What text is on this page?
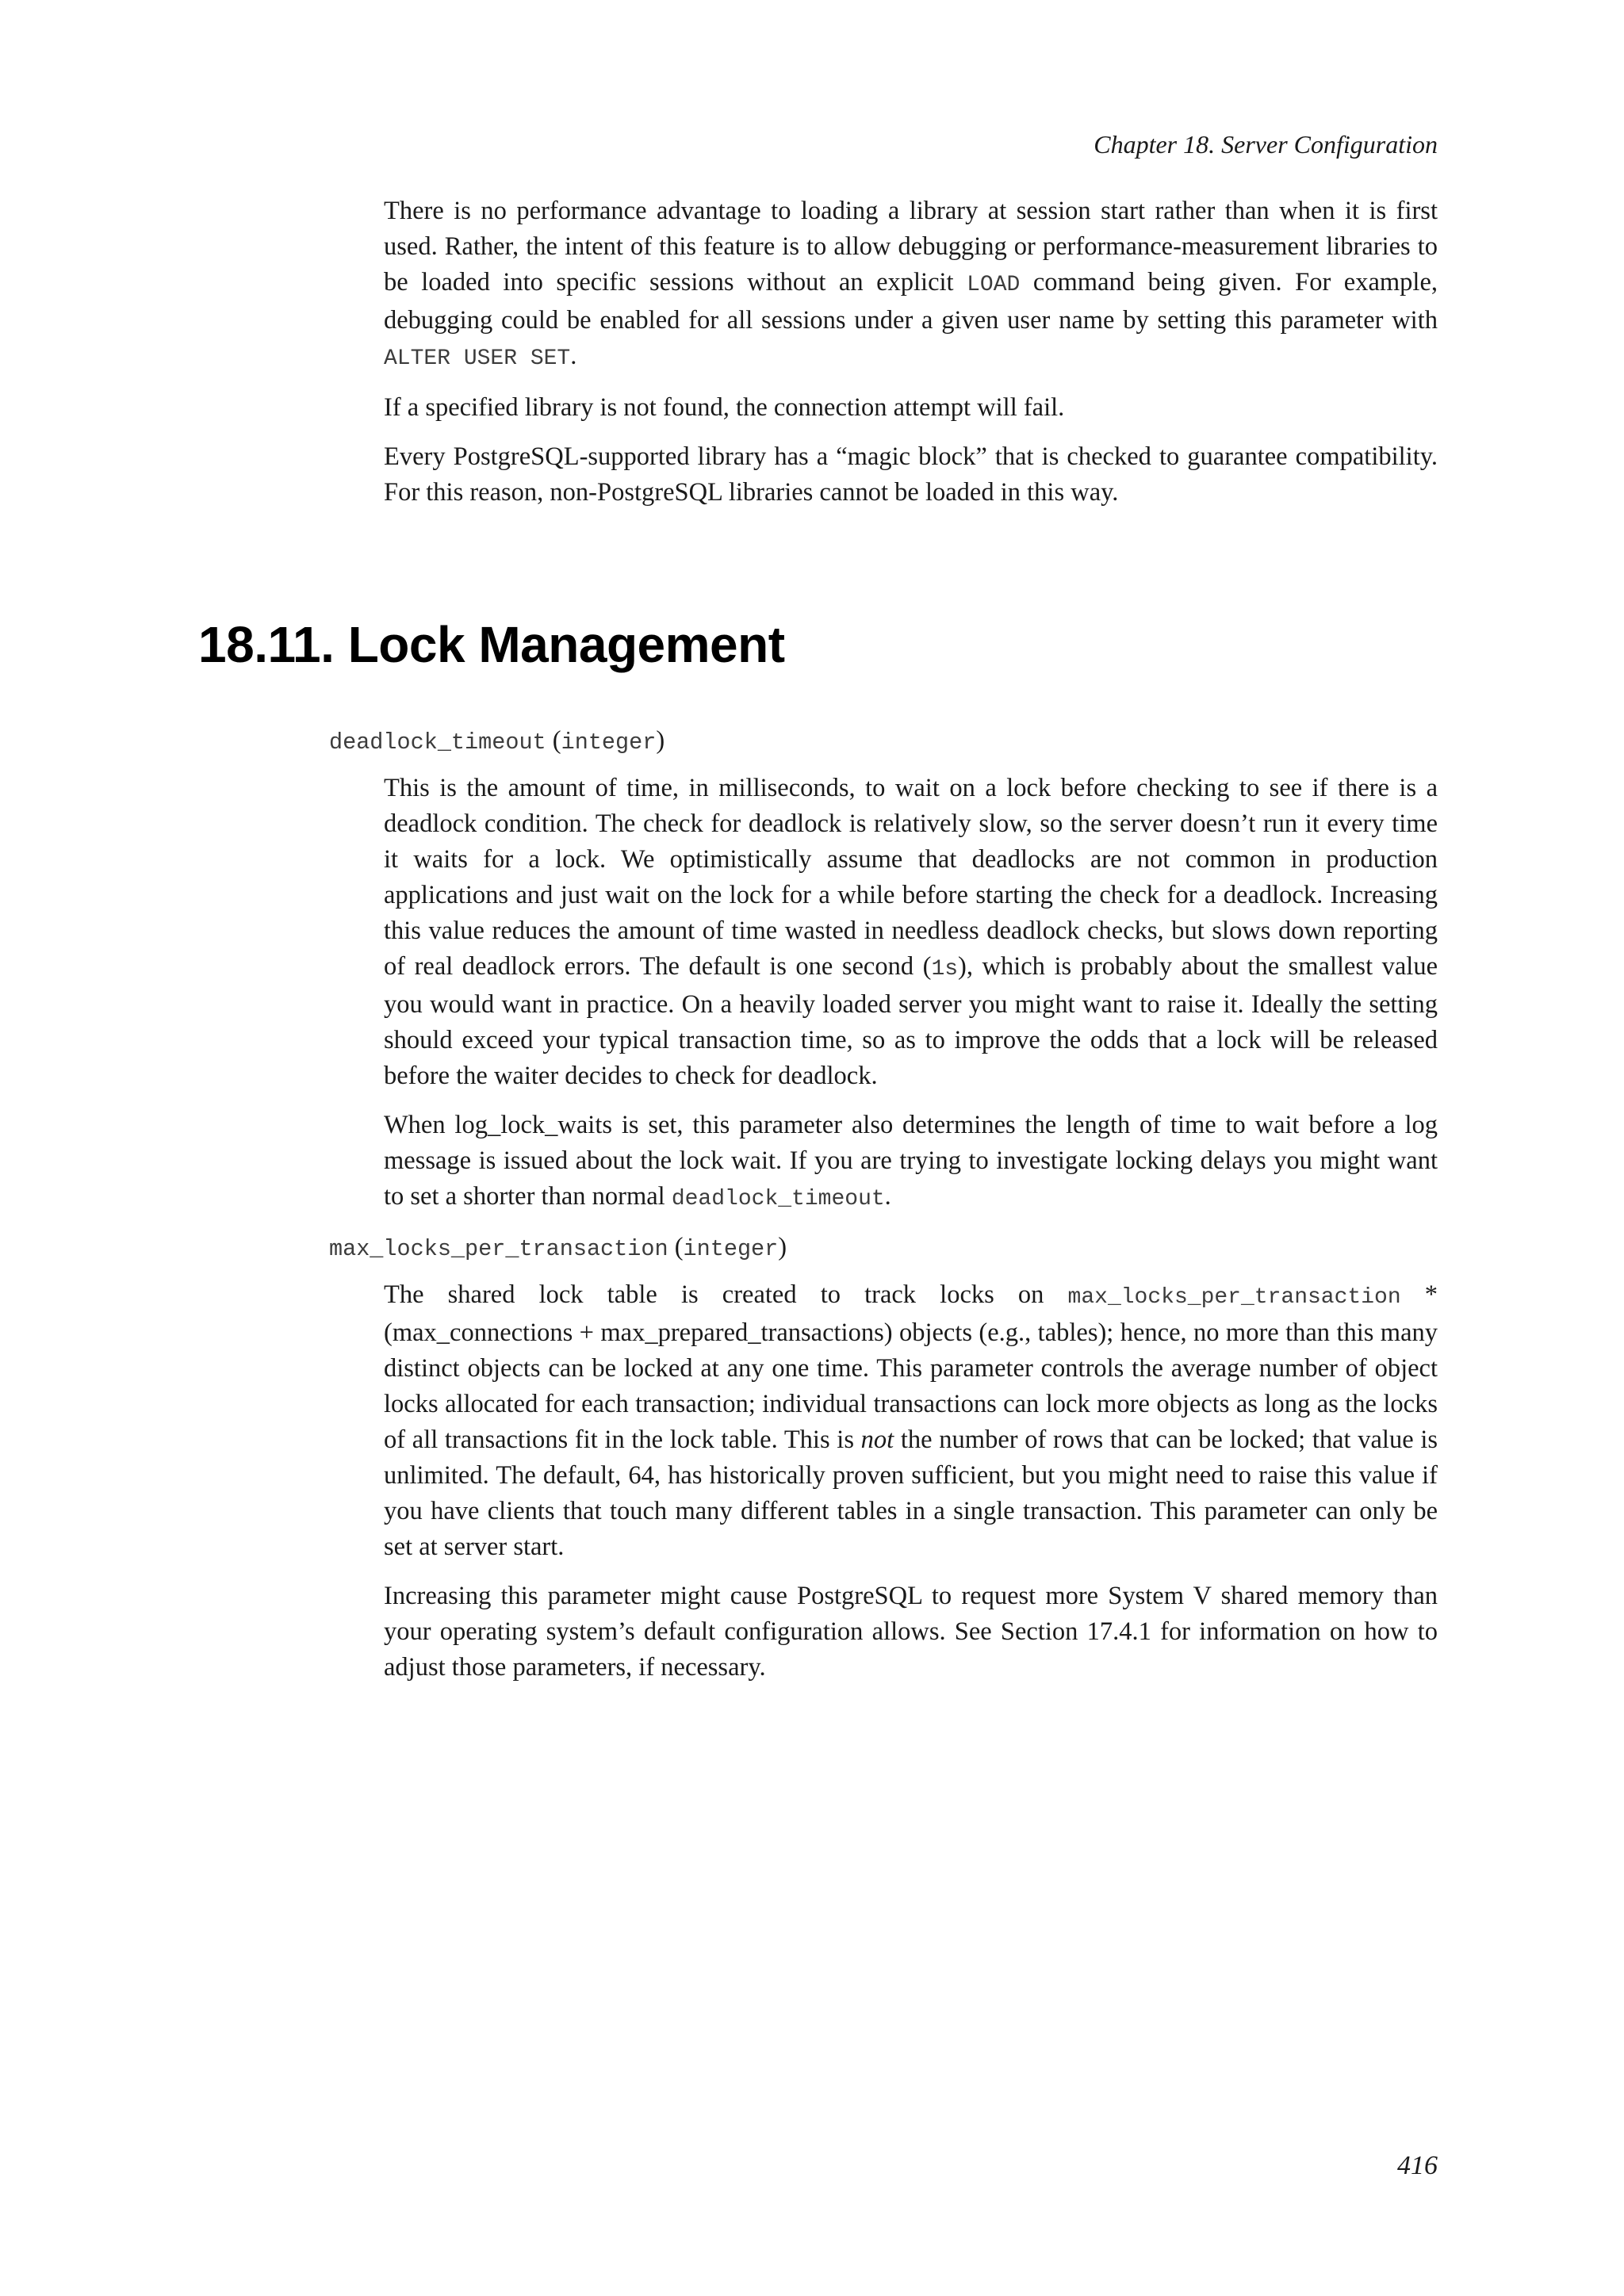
Chapter 18. Server Configuration

There is no performance advantage to loading a library at session start rather than when it is first used. Rather, the intent of this feature is to allow debugging or performance-measurement libraries to be loaded into specific sessions without an explicit LOAD command being given. For example, debugging could be enabled for all sessions under a given user name by setting this parameter with ALTER USER SET.

If a specified library is not found, the connection attempt will fail.

Every PostgreSQL-supported library has a “magic block” that is checked to guarantee compatibility. For this reason, non-PostgreSQL libraries cannot be loaded in this way.

18.11. Lock Management
deadlock_timeout (integer)

This is the amount of time, in milliseconds, to wait on a lock before checking to see if there is a deadlock condition. The check for deadlock is relatively slow, so the server doesn’t run it every time it waits for a lock. We optimistically assume that deadlocks are not common in production applications and just wait on the lock for a while before starting the check for a deadlock. Increasing this value reduces the amount of time wasted in needless deadlock checks, but slows down reporting of real deadlock errors. The default is one second (1s), which is probably about the smallest value you would want in practice. On a heavily loaded server you might want to raise it. Ideally the setting should exceed your typical transaction time, so as to improve the odds that a lock will be released before the waiter decides to check for deadlock.

When log_lock_waits is set, this parameter also determines the length of time to wait before a log message is issued about the lock wait. If you are trying to investigate locking delays you might want to set a shorter than normal deadlock_timeout.

max_locks_per_transaction (integer)

The shared lock table is created to track locks on max_locks_per_transaction * (max_connections + max_prepared_transactions) objects (e.g., tables); hence, no more than this many distinct objects can be locked at any one time. This parameter controls the average number of object locks allocated for each transaction; individual transactions can lock more objects as long as the locks of all transactions fit in the lock table. This is not the number of rows that can be locked; that value is unlimited. The default, 64, has historically proven sufficient, but you might need to raise this value if you have clients that touch many different tables in a single transaction. This parameter can only be set at server start.

Increasing this parameter might cause PostgreSQL to request more System V shared memory than your operating system’s default configuration allows. See Section 17.4.1 for information on how to adjust those parameters, if necessary.

416
